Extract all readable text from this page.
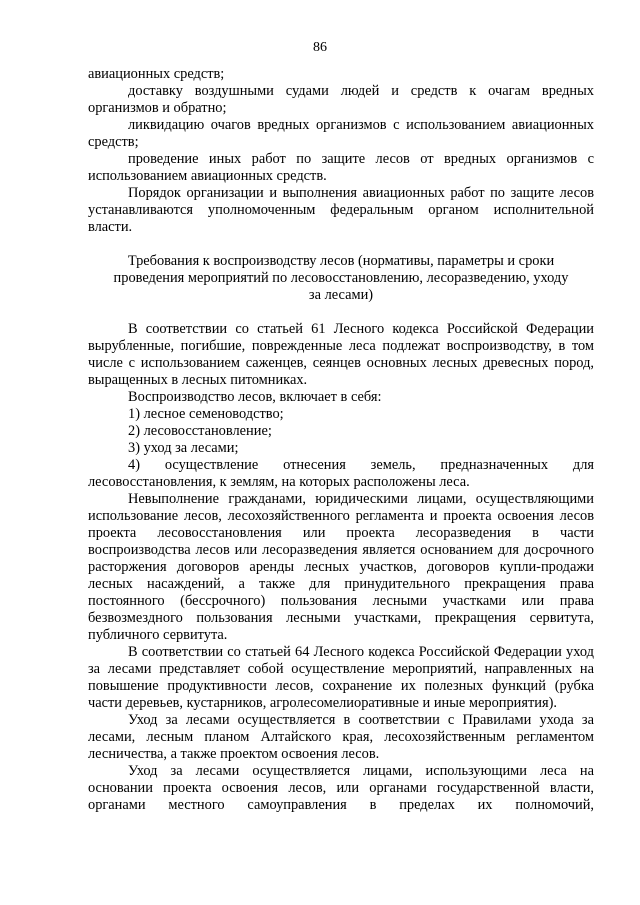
86

авиационных средств;

доставку воздушными судами людей и средств к очагам вредных организмов и обратно;

ликвидацию очагов вредных организмов с использованием авиационных средств;

проведение иных работ по защите лесов от вредных организмов с использованием авиационных средств.

Порядок организации и выполнения авиационных работ по защите лесов устанавливаются уполномоченным федеральным органом исполнительной власти.

Требования к воспроизводству лесов (нормативы, параметры и сроки проведения мероприятий по лесовосстановлению, лесоразведению, уходу за лесами)

В соответствии со статьей 61 Лесного кодекса Российской Федерации вырубленные, погибшие, поврежденные леса подлежат воспроизводству, в том числе с использованием саженцев, сеянцев основных лесных древесных пород, выращенных в лесных питомниках.

Воспроизводство лесов, включает в себя:

1) лесное семеноводство;

2) лесовосстановление;

3) уход за лесами;

4) осуществление отнесения земель, предназначенных для лесовосстановления, к землям, на которых расположены леса.

Невыполнение гражданами, юридическими лицами, осуществляющими использование лесов, лесохозяйственного регламента и проекта освоения лесов проекта лесовосстановления или проекта лесоразведения в части воспроизводства лесов или лесоразведения является основанием для досрочного расторжения договоров аренды лесных участков, договоров купли-продажи лесных насаждений, а также для принудительного прекращения права постоянного (бессрочного) пользования лесными участками или права безвозмездного пользования лесными участками, прекращения сервитута, публичного сервитута.

В соответствии со статьей 64 Лесного кодекса Российской Федерации уход за лесами представляет собой осуществление мероприятий, направленных на повышение продуктивности лесов, сохранение их полезных функций (рубка части деревьев, кустарников, агролесомелиоративные и иные мероприятия).

Уход за лесами осуществляется в соответствии с Правилами ухода за лесами, лесным планом Алтайского края, лесохозяйственным регламентом лесничества, а также проектом освоения лесов.

Уход за лесами осуществляется лицами, использующими леса на основании проекта освоения лесов, или органами государственной власти, органами местного самоуправления в пределах их полномочий,
